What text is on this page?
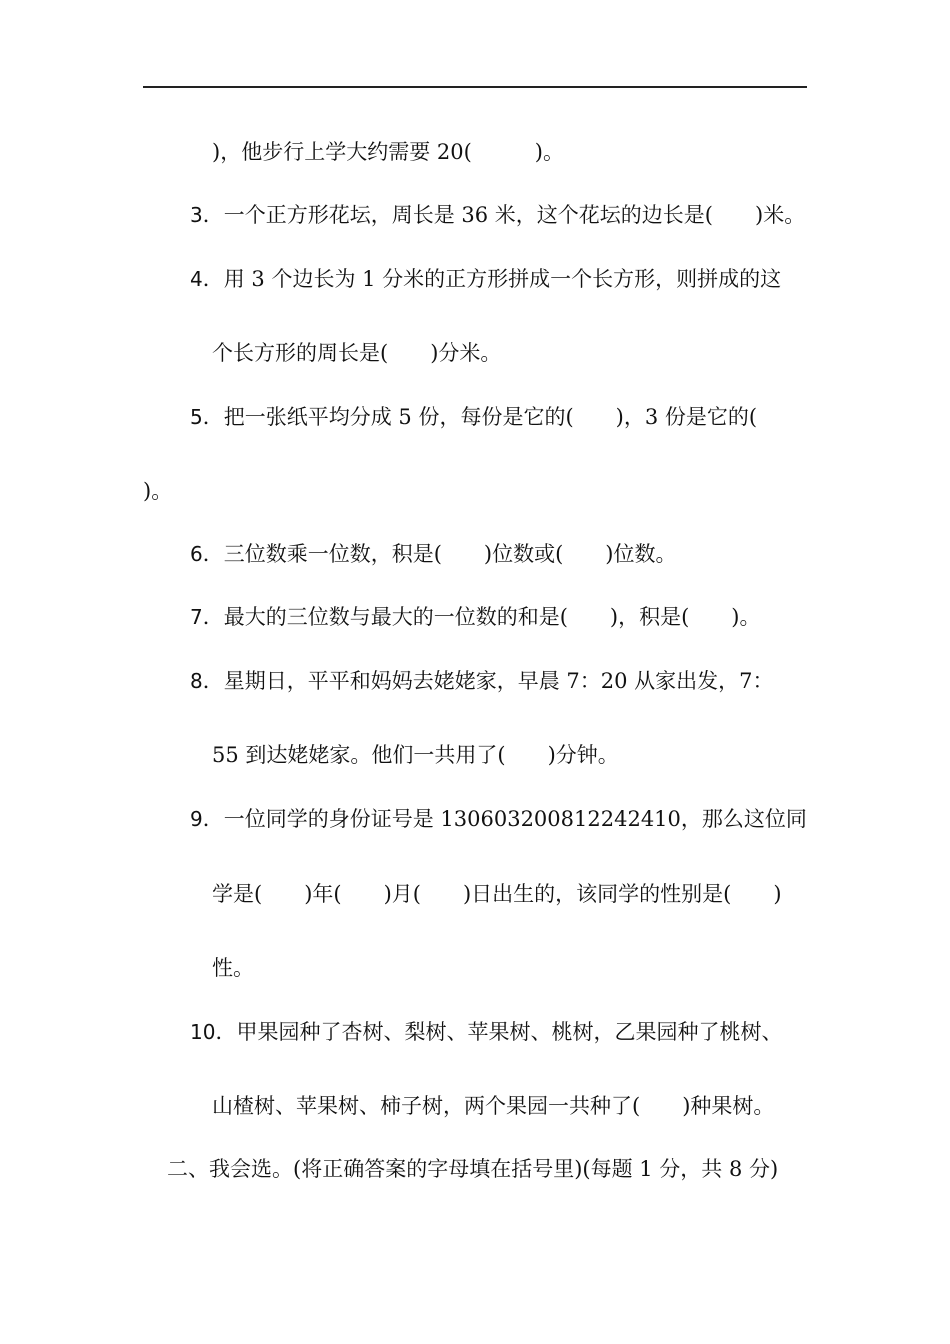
)，他步行上学大约需要 20(　　　)。
3．一个正方形花坛，周长是 36 米，这个花坛的边长是(　　)米。
4．用 3 个边长为 1 分米的正方形拼成一个长方形，则拼成的这
个长方形的周长是(　　)分米。
5．把一张纸平均分成 5 份，每份是它的(　　)，3 份是它的(
)。
6．三位数乘一位数，积是(　　)位数或(　　)位数。
7．最大的三位数与最大的一位数的和是(　　)，积是(　　)。
8．星期日，平平和妈妈去姥姥家，早晨 7：20 从家出发，7：
55 到达姥姥家。他们一共用了(　　)分钟。
9．一位同学的身份证号是 130603200812242410，那么这位同
学是(　　)年(　　)月(　　)日出生的，该同学的性别是(　　)
性。
10．甲果园种了杏树、梨树、苹果树、桃树，乙果园种了桃树、
山楂树、苹果树、柿子树，两个果园一共种了(　　)种果树。
二、我会选。(将正确答案的字母填在括号里)(每题 1 分，共 8 分)
